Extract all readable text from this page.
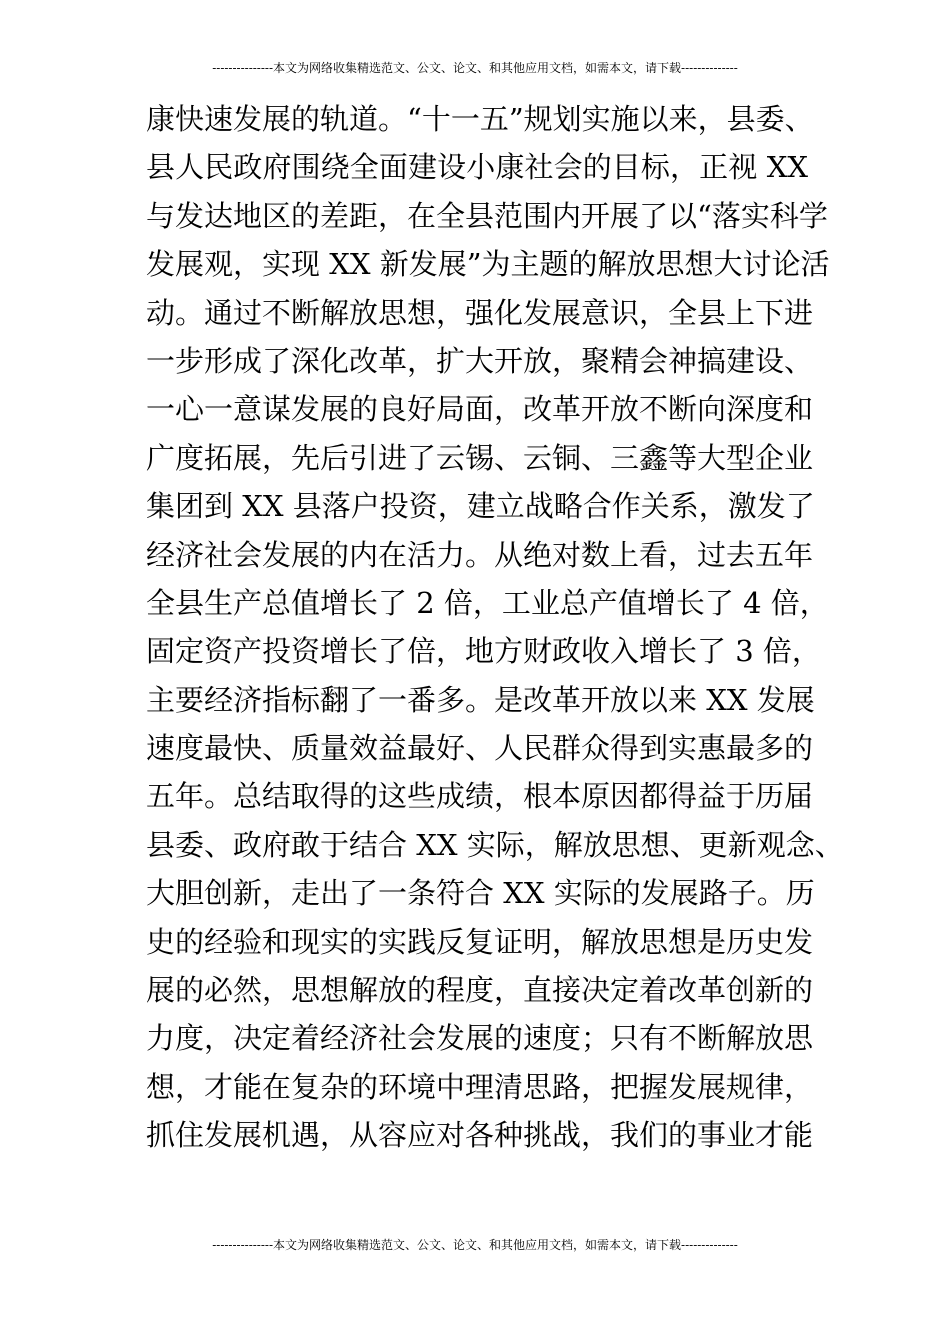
---------------本文为网络收集精选范文、公文、论文、和其他应用文档，如需本文，请下载--------------
康快速发展的轨道。“十一五”规划实施以来，县委、
县人民政府围绕全面建设小康社会的目标，正视 XX
与发达地区的差距，在全县范围内开展了以“落实科学
发展观，实现 XX 新发展”为主题的解放思想大讨论活
动。通过不断解放思想，强化发展意识，全县上下进
一步形成了深化改革，扩大开放，聚精会神搞建设、
一心一意谋发展的良好局面，改革开放不断向深度和
广度拓展，先后引进了云锡、云铜、三鑫等大型企业
集团到 XX 县落户投资，建立战略合作关系，激发了
经济社会发展的内在活力。从绝对数上看，过去五年
全县生产总值增长了 2 倍，工业总产值增长了 4 倍，
固定资产投资增长了倍，地方财政收入增长了 3 倍，
主要经济指标翻了一番多。是改革开放以来 XX 发展
速度最快、质量效益最好、人民群众得到实惠最多的
五年。总结取得的这些成绩，根本原因都得益于历届
县委、政府敢于结合 XX 实际，解放思想、更新观念、
大胆创新，走出了一条符合 XX 实际的发展路子。历
史的经验和现实的实践反复证明，解放思想是历史发
展的必然，思想解放的程度，直接决定着改革创新的
力度，决定着经济社会发展的速度；只有不断解放思
想，才能在复杂的环境中理清思路，把握发展规律，
抓住发展机遇，从容应对各种挑战，我们的事业才能
---------------本文为网络收集精选范文、公文、论文、和其他应用文档，如需本文，请下载--------------
